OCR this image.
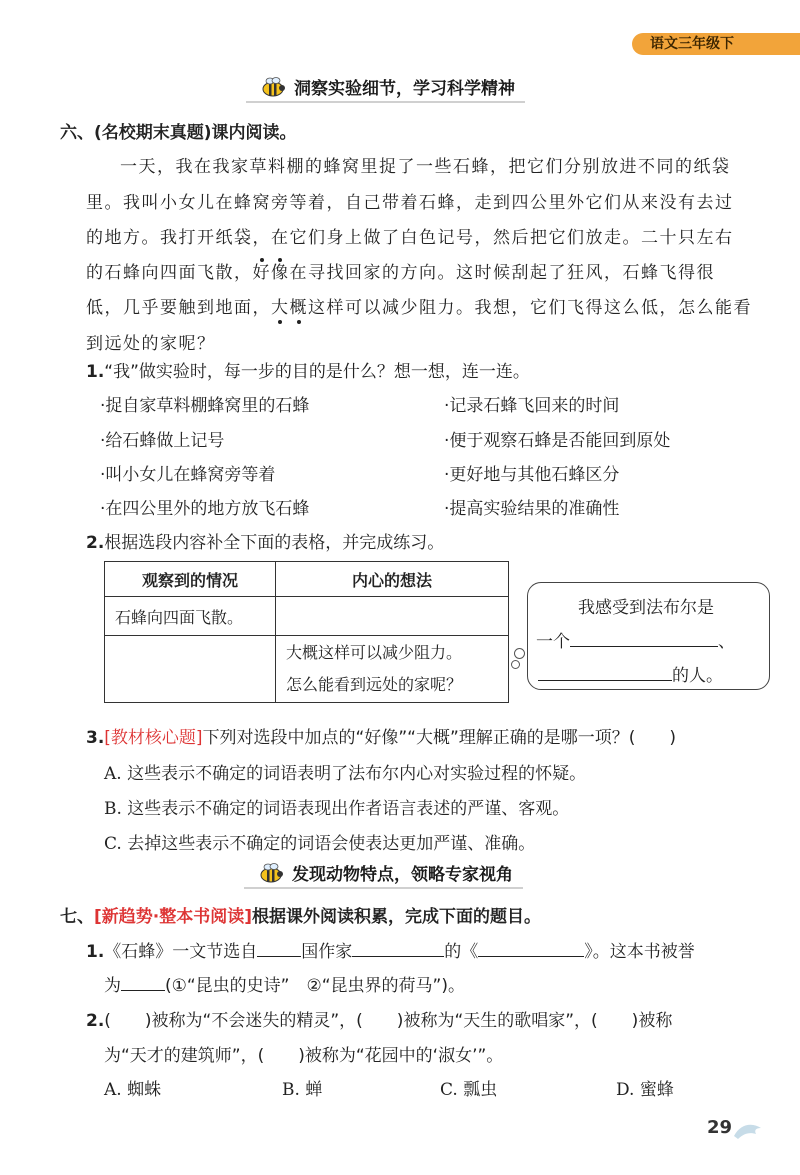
语文三年级下
洞察实验细节，学习科学精神
六、(名校期末真题)课内阅读。
一天，我在我家草料棚的蜂窝里捉了一些石蜂，把它们分别放进不同的纸袋
里。我叫小女儿在蜂窝旁等着，自己带着石蜂，走到四公里外它们从来没有去过
的地方。我打开纸袋，在它们身上做了白色记号，然后把它们放走。二十只左右
的石蜂向四面飞散，好像在寻找回家的方向。这时候刮起了狂风，石蜂飞得很
低，几乎要触到地面，大概这样可以减少阻力。我想，它们飞得这么低，怎么能看
到远处的家呢？
1.“我”做实验时，每一步的目的是什么？想一想，连一连。
·捉自家草料棚蜂窝里的石蜂
·给石蜂做上记号
·叫小女儿在蜂窝旁等着
·在四公里外的地方放飞石蜂
·记录石蜂飞回来的时间
·便于观察石蜂是否能回到原处
·更好地与其他石蜂区分
·提高实验结果的准确性
2.根据选段内容补全下面的表格，并完成练习。
观察到的情况	内心的想法
石蜂向四面飞散。	

	大概这样可以减少阻力。
怎么能看到远处的家呢？
我感受到法布尔是
一个	、
的人。
3.[教材核心题]下列对选段中加点的“好像”“大概”理解正确的是哪一项？(　　)
A. 这些表示不确定的词语表明了法布尔内心对实验过程的怀疑。
B. 这些表示不确定的词语表现出作者语言表述的严谨、客观。
C. 去掉这些表示不确定的词语会使表达更加严谨、准确。
发现动物特点，领略专家视角
七、[新趋势·整本书阅读]根据课外阅读积累，完成下面的题目。
1.《石蜂》一文节选自	国作家	的《	》。这本书被誉
为	(①“昆虫的史诗”　②“昆虫界的荷马”)。
2.(　　)被称为“不会迷失的精灵”，(　　)被称为“天生的歌唱家”，(　　)被称
为“天才的建筑师”，(　　)被称为“花园中的‘淑女’”。
A. 蜘蛛	B. 蝉	C. 瓢虫	D. 蜜蜂
29
